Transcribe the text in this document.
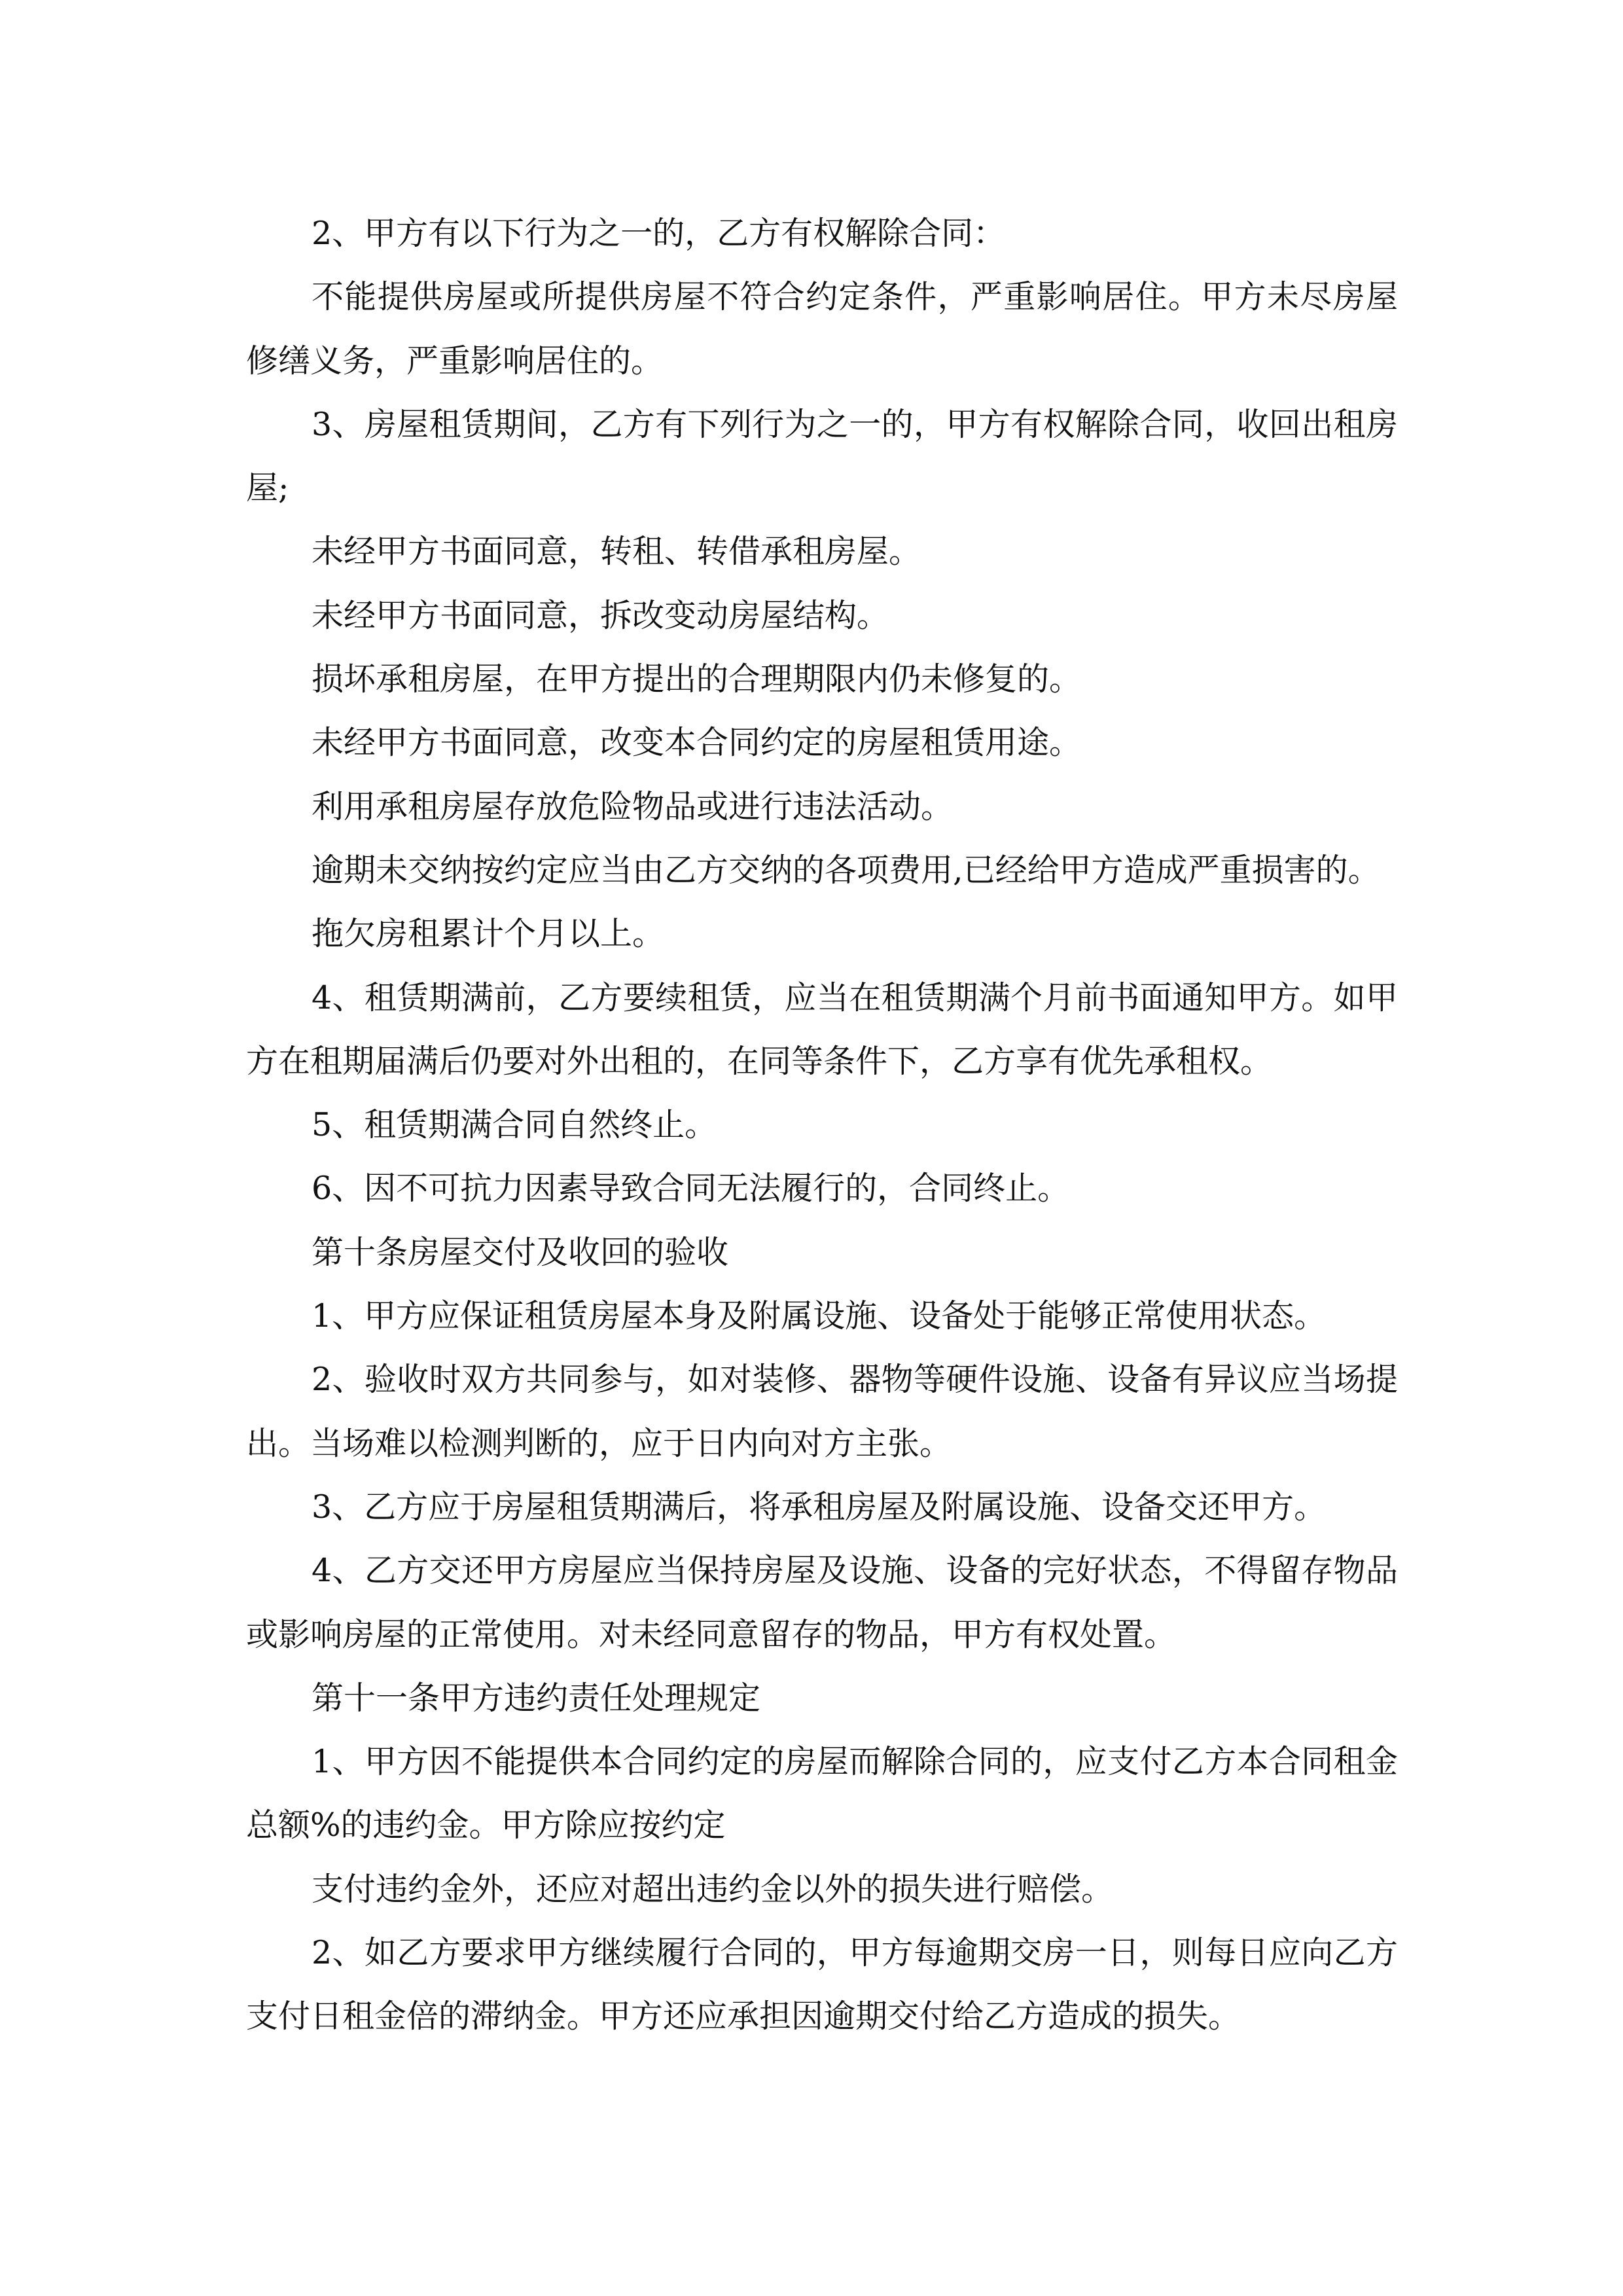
2、甲方有以下行为之一的，乙方有权解除合同：

不能提供房屋或所提供房屋不符合约定条件，严重影响居住。甲方未尽房屋修缮义务，严重影响居住的。

3、房屋租赁期间，乙方有下列行为之一的，甲方有权解除合同，收回出租房屋;

未经甲方书面同意，转租、转借承租房屋。

未经甲方书面同意，拆改变动房屋结构。

损坏承租房屋，在甲方提出的合理期限内仍未修复的。

未经甲方书面同意，改变本合同约定的房屋租赁用途。

利用承租房屋存放危险物品或进行违法活动。

逾期未交纳按约定应当由乙方交纳的各项费用,已经给甲方造成严重损害的。

拖欠房租累计个月以上。

4、租赁期满前，乙方要续租赁，应当在租赁期满个月前书面通知甲方。如甲方在租期届满后仍要对外出租的，在同等条件下，乙方享有优先承租权。

5、租赁期满合同自然终止。

6、因不可抗力因素导致合同无法履行的，合同终止。

第十条房屋交付及收回的验收

1、甲方应保证租赁房屋本身及附属设施、设备处于能够正常使用状态。

2、验收时双方共同参与，如对装修、器物等硬件设施、设备有异议应当场提出。当场难以检测判断的，应于日内向对方主张。

3、乙方应于房屋租赁期满后，将承租房屋及附属设施、设备交还甲方。

4、乙方交还甲方房屋应当保持房屋及设施、设备的完好状态，不得留存物品或影响房屋的正常使用。对未经同意留存的物品，甲方有权处置。

第十一条甲方违约责任处理规定

1、甲方因不能提供本合同约定的房屋而解除合同的，应支付乙方本合同租金总额%的违约金。甲方除应按约定

支付违约金外，还应对超出违约金以外的损失进行赔偿。

2、如乙方要求甲方继续履行合同的，甲方每逾期交房一日，则每日应向乙方支付日租金倍的滞纳金。甲方还应承担因逾期交付给乙方造成的损失。
